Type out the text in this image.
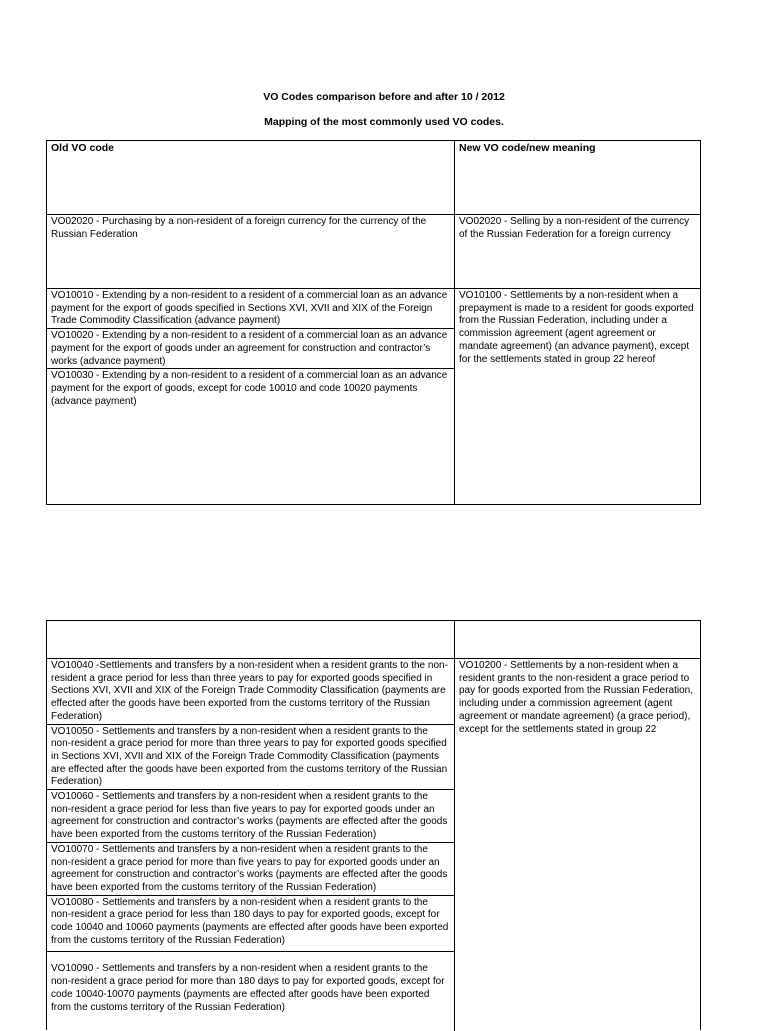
VO Codes comparison before and after 10 / 2012
Mapping of the most commonly used VO codes.
Old VO code	New VO code/new meaning
VO02020 - Purchasing by a non-resident of a foreign currency for the currency of the Russian Federation
VO02020 - Selling by a non-resident of the currency of the Russian Federation for a foreign currency
VO10010 - Extending by a non-resident to a resident of a commercial loan as an advance payment for the export of goods specified in Sections XVI, XVII and XIX of the Foreign Trade Commodity Classification (advance payment)
VO10020 - Extending by a non-resident to a resident of a commercial loan as an advance payment for the export of goods under an agreement for construction and contractor’s works (advance payment)
VO10030 - Extending by a non-resident to a resident of a commercial loan as an advance payment for the export of goods, except for code 10010 and code 10020 payments (advance payment)
VO10100 - Settlements by a non-resident when a prepayment is made to a resident for goods exported from the Russian Federation, including under a commission agreement (agent agreement or mandate agreement) (an advance payment), except for the settlements stated in group 22 hereof
VO10040 -Settlements and transfers by a non-resident when a resident grants to the non-resident a grace period for less than three years to pay for exported goods specified in Sections XVI, XVII and XIX of the Foreign Trade Commodity Classification (payments are effected after the goods have been exported from the customs territory of the Russian Federation)
VO10050 - Settlements and transfers by a non-resident when a resident grants to the non-resident a grace period for more than three years to pay for exported goods specified in Sections XVI, XVII and XIX of the Foreign Trade Commodity Classification (payments are effected after the goods have been exported from the customs territory of the Russian Federation)
VO10060 - Settlements and transfers by a non-resident when a resident grants to the non-resident a grace period for less than five years to pay for exported goods under an agreement for construction and contractor’s works (payments are effected after the goods have been exported from the customs territory of the Russian Federation)
VO10070 - Settlements and transfers by a non-resident when a resident grants to the non-resident a grace period for more than five years to pay for exported goods under an agreement for construction and contractor’s works (payments are effected after the goods have been exported from the customs territory of the Russian Federation)
VO10080 - Settlements and transfers by a non-resident when a resident grants to the non-resident a grace period for less than 180 days to pay for exported goods, except for code 10040 and 10060 payments (payments are effected after goods have been exported from the customs territory of the Russian Federation)
VO10090 - Settlements and transfers by a non-resident when a resident grants to the non-resident a grace period for more than 180 days to pay for exported goods, except for code 10040-10070 payments (payments are effected after goods have been exported from the customs territory of the Russian Federation)
VO10200 - Settlements by a non-resident when a resident grants to the non-resident a grace period to pay for goods exported from the Russian Federation, including under a commission agreement (agent agreement or mandate agreement) (a grace period), except for the settlements stated in group 22
